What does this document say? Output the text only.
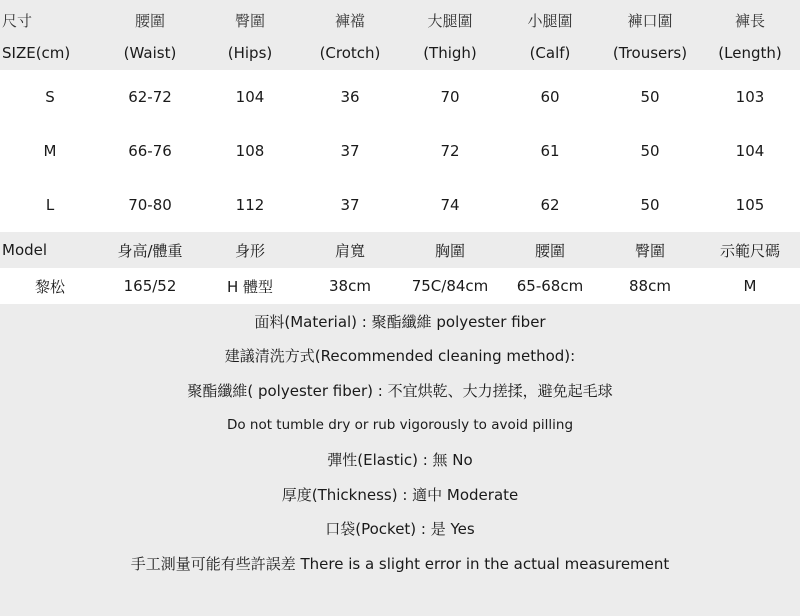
尺寸	腰圍	臀圍	褲襠	大腿圍	小腿圍	褲口圍	褲長
SIZE(cm)	(Waist)	(Hips)	(Crotch)	(Thigh)	(Calf)	(Trousers)	(Length)
S	62-72	104	36	70	60	50	103
M	66-76	108	37	72	61	50	104
L	70-80	112	37	74	62	50	105
Model	身高/體重	身形	肩寬	胸圍	腰圍	臀圍	示範尺碼
黎松	165/52	H 體型	38cm	75C/84cm	65-68cm	88cm	M
面料(Material) : 聚酯纖維 polyester fiber
建議清洗方式(Recommended cleaning method):
聚酯纖維( polyester fiber) : 不宜烘乾、大力搓揉，避免起毛球
Do not tumble dry or rub vigorously to avoid pilling
彈性(Elastic) : 無 No
厚度(Thickness) : 適中 Moderate
口袋(Pocket) : 是 Yes
手工測量可能有些許誤差 There is a slight error in the actual measurement
